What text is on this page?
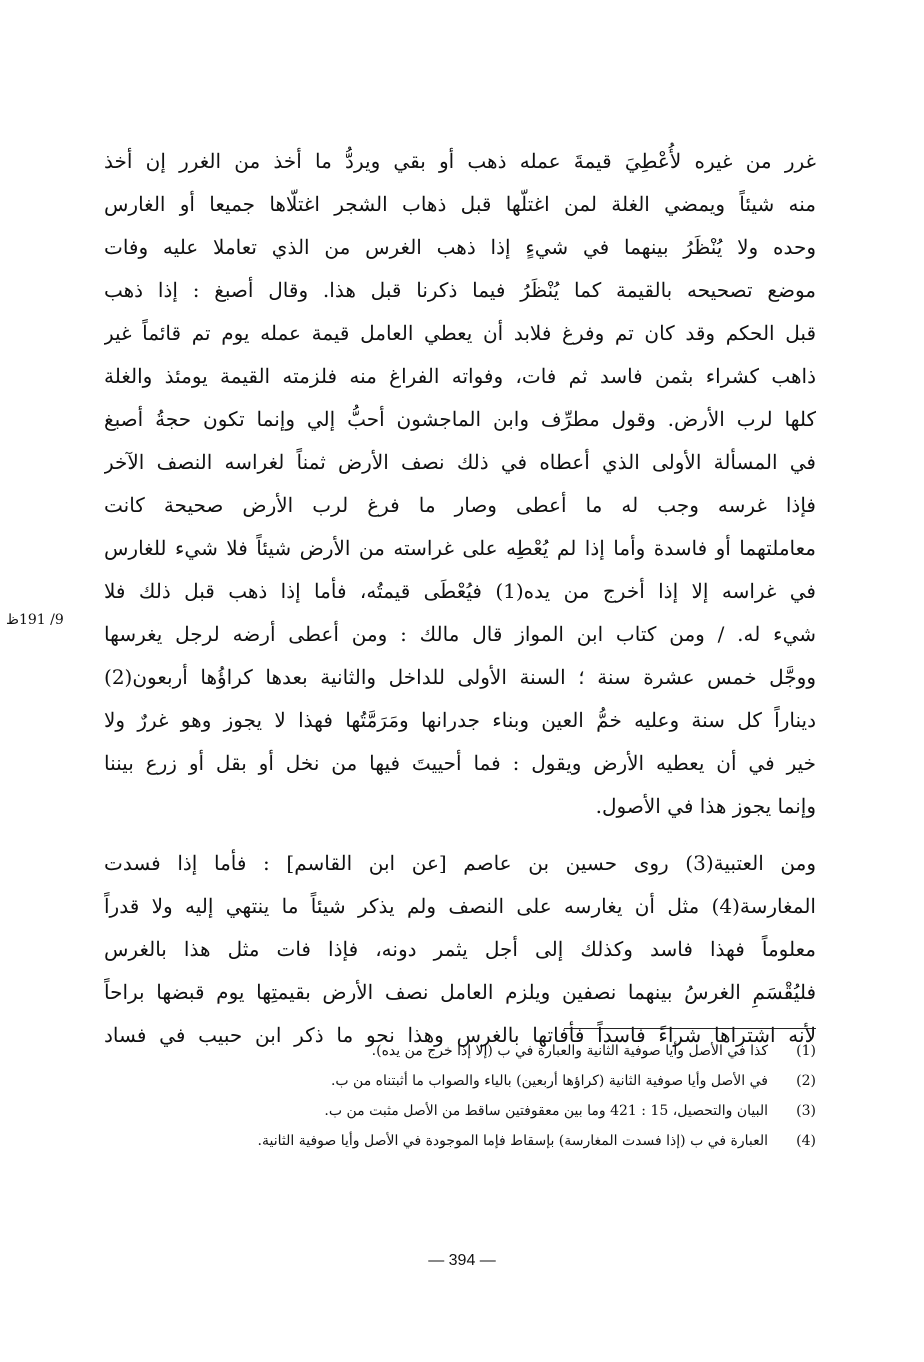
غرر من غيره لأُعْطِيَ قيمةَ عمله ذهب أو بقي ويردُّ ما أخذ من الغرر إن أخذ
منه شيئاً ويمضي الغلة لمن اغتلّها قبل ذهاب الشجر اغتلّاها جميعا أو الغارس
وحده ولا يُنْظَرُ بينهما في شيءٍ إذا ذهب الغرس من الذي تعاملا عليه وفات
موضع تصحيحه بالقيمة كما يُنْظَرُ فيما ذكرنا قبل هذا. وقال أصبغ : إذا ذهب
قبل الحكم وقد كان تم وفرغ فلابد أن يعطي العامل قيمة عمله يوم تم قائماً غير
ذاهب كشراء بثمن فاسد ثم فات، وفواته الفراغ منه فلزمته القيمة يومئذ والغلة
كلها لرب الأرض. وقول مطرِّف وابن الماجشون أحبُّ إلي وإنما تكون حجةُ أصبغ
في المسألة الأولى الذي أعطاه في ذلك نصف الأرض ثمناً لغراسه النصف الآخر
فإذا غرسه وجب له ما أعطى وصار ما فرغ لرب الأرض صحيحة كانت
معاملتهما أو فاسدة وأما إذا لم يُعْطِه على غراسته من الأرض شيئاً فلا شيء للغارس
في غراسه إلا إذا أخرج من يده(1) فيُعْطَى قيمتُه، فأما إذا ذهب قبل ذلك فلا
شيء له. / ومن كتاب ابن المواز قال مالك : ومن أعطى أرضه لرجل يغرسها
ووجَّل خمس عشرة سنة ؛ السنة الأولى للداخل والثانية بعدها كراؤُها أربعون(2)
ديناراً كل سنة وعليه خمُّ العين وبناء جدرانها ومَرَمَّتُها فهذا لا يجوز وهو غررٌ ولا
خير في أن يعطيه الأرض ويقول : فما أحييتَ فيها من نخل أو بقل أو زرع بيننا
وإنما يجوز هذا في الأصول.
ومن العتبية(3) روى حسين بن عاصم [عن ابن القاسم] : فأما إذا فسدت
المغارسة(4) مثل أن يغارسه على النصف ولم يذكر شيئاً ما ينتهي إليه ولا قدراً
معلوماً فهذا فاسد وكذلك إلى أجل يثمر دونه، فإذا فات مثل هذا بالغرس
فليُقْسَمِ الغرسُ بينهما نصفين ويلزم العامل نصف الأرض بقيمتِها يوم قبضها براحاً
لأنه اشتراها شراءً فاسداً فأفاتها بالغرس وهذا نحو ما ذكر ابن حبيب في فساد
9/ 191ظ
(1)كذا في الأصل وأيا صوفية الثانية والعبارة في ب (إلا إذا خرج من يده).
(2)في الأصل وأيا صوفية الثانية (كراؤها أربعين) بالياء والصواب ما أثبتناه من ب.
(3)البيان والتحصيل، 15 : 421 وما بين معقوفتين ساقط من الأصل مثبت من ب.
(4)العبارة في ب (إذا فسدت المغارسة) بإسقاط فإما الموجودة في الأصل وأيا صوفية الثانية.
— 394 —
